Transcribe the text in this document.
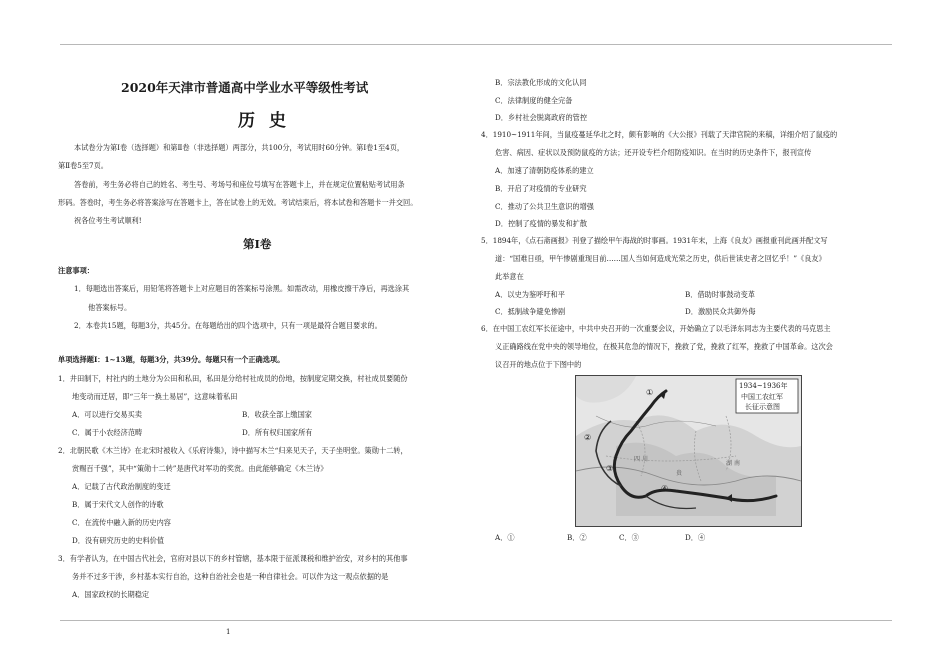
1
2020年天津市普通高中学业水平等级性考试
历史
本试卷分为第Ⅰ卷（选择题）和第Ⅱ卷（非选择题）两部分，共100分，考试用时60分钟。第Ⅰ卷1至4页，
第Ⅱ卷5至7页。
答卷前，考生务必将自己的姓名、考生号、考场号和座位号填写在答题卡上，并在规定位置粘贴考试用条
形码。答卷时，考生务必将答案涂写在答题卡上，答在试卷上的无效。考试结束后，将本试卷和答题卡一并交回。
祝各位考生考试顺利!
第Ⅰ卷
注意事项：
1．每题选出答案后，用铅笔将答题卡上对应题目的答案标号涂黑。如需改动，用橡皮擦干净后，再选涂其
他答案标号。
2．本卷共15题，每题3分，共45分。在每题给出的四个选项中，只有一项是最符合题目要求的。
单项选择题Ⅰ：1~13题，每题3分，共39分。每题只有一个正确选项。
1．井田制下，村社内的土地分为公田和私田，私田是分给村社成员的份地，按制度定期交换，村社成员要随份
地变动而迁居，即“三年一换土易居”，这意味着私田
A．可以进行交易买卖	B．收获全部上缴国家
C．属于小农经济范畴	D．所有权归国家所有
2．北朝民歌《木兰诗》在北宋时被收入《乐府诗集》，诗中描写木兰“归来见天子，天子坐明堂。策勋十二转，
赏赐百千强”，其中“策勋十二转”是唐代对军功的奖赏。由此能够确定《木兰诗》
A．记载了古代政治制度的变迁
B．属于宋代文人创作的诗歌
C．在流传中融入新的历史内容
D．没有研究历史的史料价值
3．有学者认为，在中国古代社会，官府对县以下的乡村管辖，基本限于征派课税和维护治安，对乡村的其他事
务并不过多干涉，乡村基本实行自治，这种自治社会也是一种自律社会。可以作为这一观点依据的是
A．国家政权的长期稳定
B．宗法教化形成的文化认同
C．法律制度的健全完备
D．乡村社会脱离政府的管控
4．1910~1911年间，当鼠疫蔓延华北之时，颇有影响的《大公报》刊载了天津官院的来稿，详细介绍了鼠疫的
危害、病因、症状以及预防鼠疫的方法；还开设专栏介绍防疫知识。在当时的历史条件下，报刊宣传
A．加速了清朝防疫体系的建立
B．开启了对疫情的专业研究
C．推动了公共卫生意识的增强
D．控制了疫情的暴发和扩散
5．1894年，《点石斋画报》刊登了描绘甲午海战的时事画。1931年末，上海《良友》画报重刊此画并配文写
道：“国难日亟，甲午惨剧重现目前……国人当如何造成光荣之历史，供后世读史者之回忆乎！”《良友》
此举意在
A．以史为鉴呼吁和平	B．借助时事鼓动变革
C．抵制战争避免惨剧	D．激励民众共御外侮
6．在中国工农红军长征途中，中共中央召开的一次重要会议，开始确立了以毛泽东同志为主要代表的马克思主
义正确路线在党中央的领导地位，在极其危急的情况下，挽救了党，挽救了红军，挽救了中国革命。这次会
议召开的地点位于下图中的
A．①	B．②	C．③	D．④
1934~1936年
中国工农红军
长征示意图
①
②
③
④
四 川
贵
湖 南
